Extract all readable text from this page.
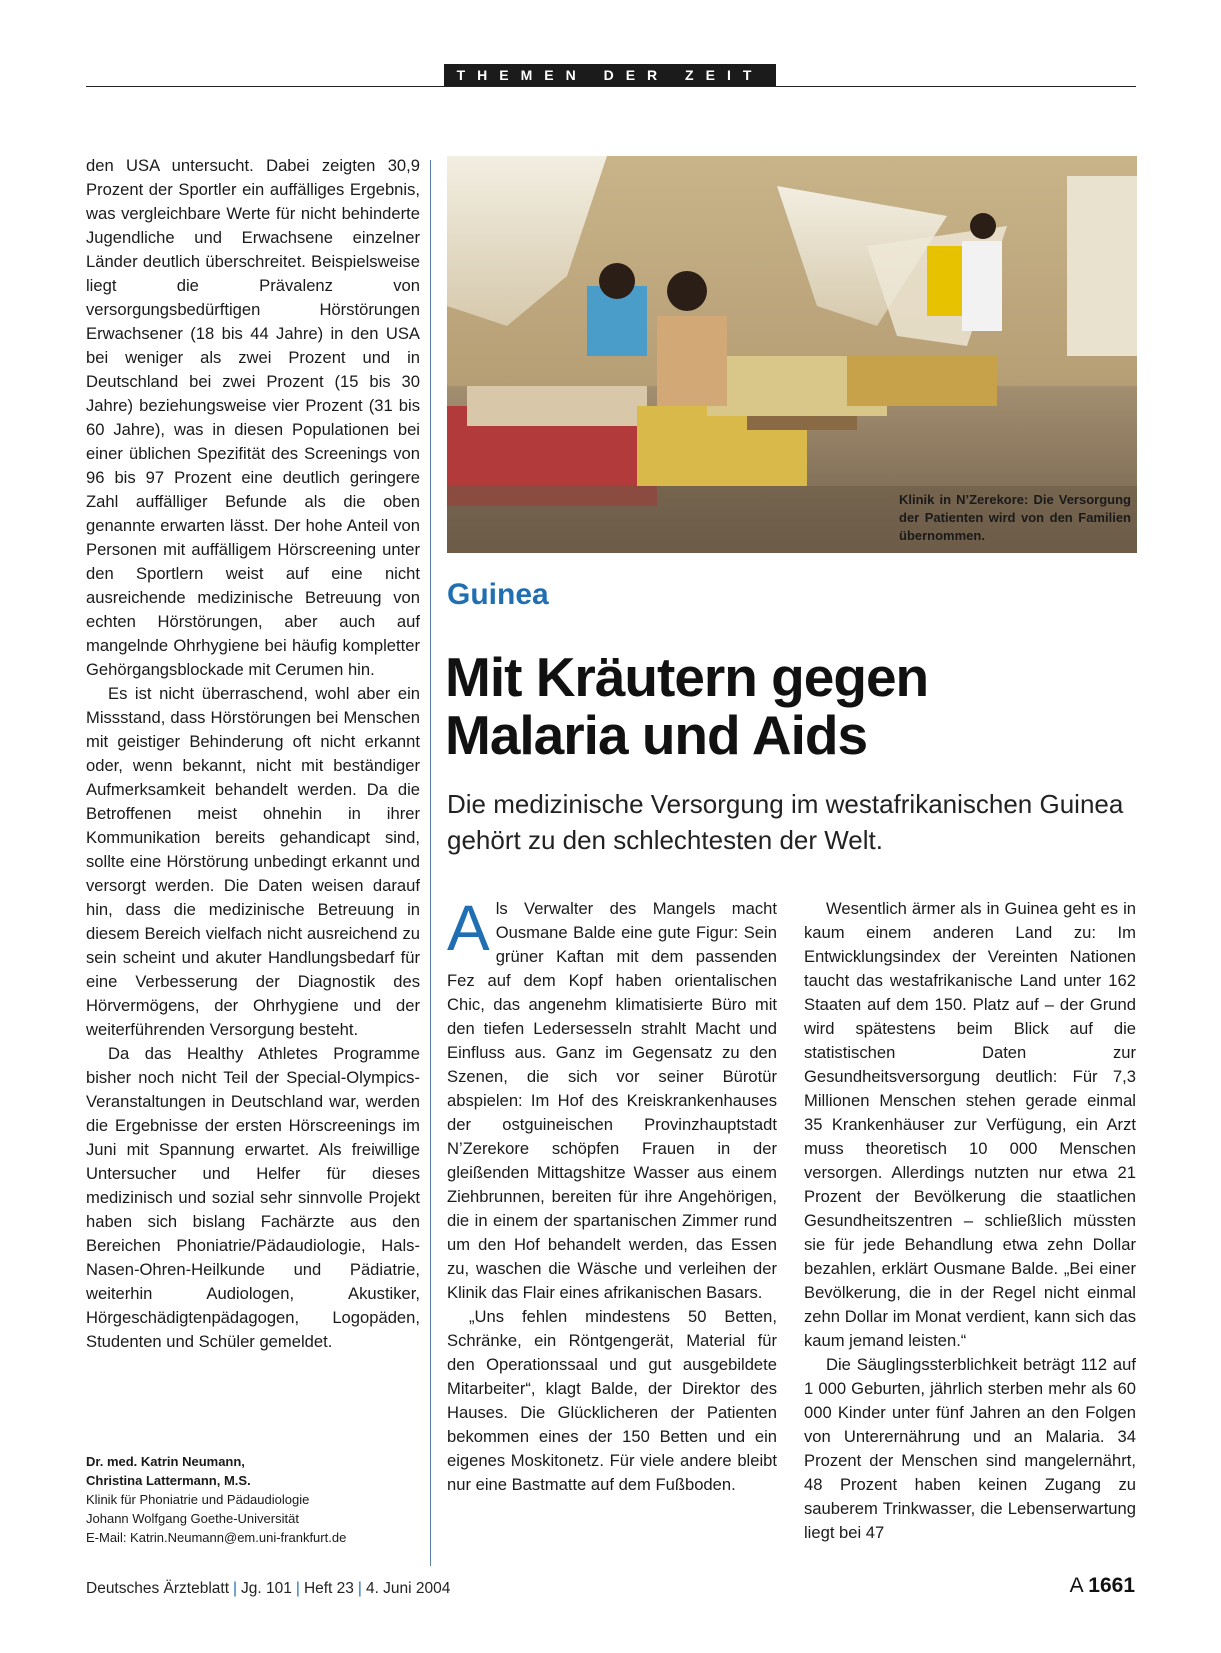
THEMEN DER ZEIT

den USA untersucht. Dabei zeigten 30,9 Prozent der Sportler ein auffälliges Ergebnis, was vergleichbare Werte für nicht behinderte Jugendliche und Erwachsene einzelner Länder deutlich überschreitet. Beispielsweise liegt die Prävalenz von versorgungsbedürftigen Hörstörungen Erwachsener (18 bis 44 Jahre) in den USA bei weniger als zwei Prozent und in Deutschland bei zwei Prozent (15 bis 30 Jahre) beziehungsweise vier Prozent (31 bis 60 Jahre), was in diesen Populationen bei einer üblichen Spezifität des Screenings von 96 bis 97 Prozent eine deutlich geringere Zahl auffälliger Befunde als die oben genannte erwarten lässt. Der hohe Anteil von Personen mit auffälligem Hörscreening unter den Sportlern weist auf eine nicht ausreichende medizinische Betreuung von echten Hörstörungen, aber auch auf mangelnde Ohrhygiene bei häufig kompletter Gehörgangsblockade mit Cerumen hin.

Es ist nicht überraschend, wohl aber ein Missstand, dass Hörstörungen bei Menschen mit geistiger Behinderung oft nicht erkannt oder, wenn bekannt, nicht mit beständiger Aufmerksamkeit behandelt werden. Da die Betroffenen meist ohnehin in ihrer Kommunikation bereits gehandicapt sind, sollte eine Hörstörung unbedingt erkannt und versorgt werden. Die Daten weisen darauf hin, dass die medizinische Betreuung in diesem Bereich vielfach nicht ausreichend zu sein scheint und akuter Handlungsbedarf für eine Verbesserung der Diagnostik des Hörvermögens, der Ohrhygiene und der weiterführenden Versorgung besteht.

Da das Healthy Athletes Programme bisher noch nicht Teil der Special-Olympics-Veranstaltungen in Deutschland war, werden die Ergebnisse der ersten Hörscreenings im Juni mit Spannung erwartet. Als freiwillige Untersucher und Helfer für dieses medizinisch und sozial sehr sinnvolle Projekt haben sich bislang Fachärzte aus den Bereichen Phoniatrie/Pädaudiologie, Hals-Nasen-Ohren-Heilkunde und Pädiatrie, weiterhin Audiologen, Akustiker, Hörgeschädigtenpädagogen, Logopäden, Studenten und Schüler gemeldet.

Dr. med. Katrin Neumann,
Christina Lattermann, M.S.
Klinik für Phoniatrie und Pädaudiologie
Johann Wolfgang Goethe-Universität
E-Mail: Katrin.Neumann@em.uni-frankfurt.de
Klinik in N’Zerekore: Die Versorgung der Patienten wird von den Familien übernommen.
Guinea
Mit Kräutern gegen
Malaria und Aids
Die medizinische Versorgung im westafrikanischen Guinea gehört zu den schlechtesten der Welt.

Als Verwalter des Mangels macht Ousmane Balde eine gute Figur: Sein grüner Kaftan mit dem passenden Fez auf dem Kopf haben orientalischen Chic, das angenehm klimatisierte Büro mit den tiefen Ledersesseln strahlt Macht und Einfluss aus. Ganz im Gegensatz zu den Szenen, die sich vor seiner Bürotür abspielen: Im Hof des Kreiskrankenhauses der ostguineischen Provinzhauptstadt N’Zerekore schöpfen Frauen in der gleißenden Mittagshitze Wasser aus einem Ziehbrunnen, bereiten für ihre Angehörigen, die in einem der spartanischen Zimmer rund um den Hof behandelt werden, das Essen zu, waschen die Wäsche und verleihen der Klinik das Flair eines afrikanischen Basars.

„Uns fehlen mindestens 50 Betten, Schränke, ein Röntgengerät, Material für den Operationssaal und gut ausgebildete Mitarbeiter“, klagt Balde, der Direktor des Hauses. Die Glücklicheren der Patienten bekommen eines der 150 Betten und ein eigenes Moskitonetz. Für viele andere bleibt nur eine Bastmatte auf dem Fußboden.

Wesentlich ärmer als in Guinea geht es in kaum einem anderen Land zu: Im Entwicklungsindex der Vereinten Nationen taucht das westafrikanische Land unter 162 Staaten auf dem 150. Platz auf – der Grund wird spätestens beim Blick auf die statistischen Daten zur Gesundheitsversorgung deutlich: Für 7,3 Millionen Menschen stehen gerade einmal 35 Krankenhäuser zur Verfügung, ein Arzt muss theoretisch 10 000 Menschen versorgen. Allerdings nutzten nur etwa 21 Prozent der Bevölkerung die staatlichen Gesundheitszentren – schließlich müssten sie für jede Behandlung etwa zehn Dollar bezahlen, erklärt Ousmane Balde. „Bei einer Bevölkerung, die in der Regel nicht einmal zehn Dollar im Monat verdient, kann sich das kaum jemand leisten.“

Die Säuglingssterblichkeit beträgt 112 auf 1 000 Geburten, jährlich sterben mehr als 60 000 Kinder unter fünf Jahren an den Folgen von Unterernährung und an Malaria. 34 Prozent der Menschen sind mangelernährt, 48 Prozent haben keinen Zugang zu sauberem Trinkwasser, die Lebenserwartung liegt bei 47

Deutsches Ärzteblatt | Jg. 101 | Heft 23 | 4. Juni 2004	A 1661
